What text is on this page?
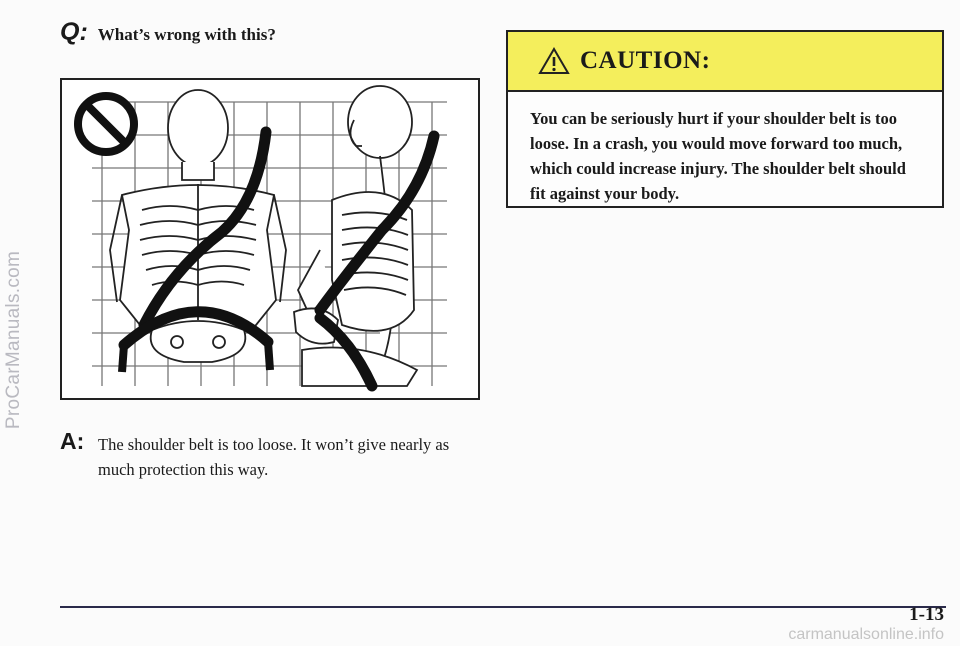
ProCarManuals.com
Q: What’s wrong with this?
A: The shoulder belt is too loose. It won’t give nearly as much protection this way.
CAUTION:
You can be seriously hurt if your shoulder belt is too loose. In a crash, you would move forward too much, which could increase injury. The shoulder belt should fit against your body.
1-13
carmanualsonline.info
